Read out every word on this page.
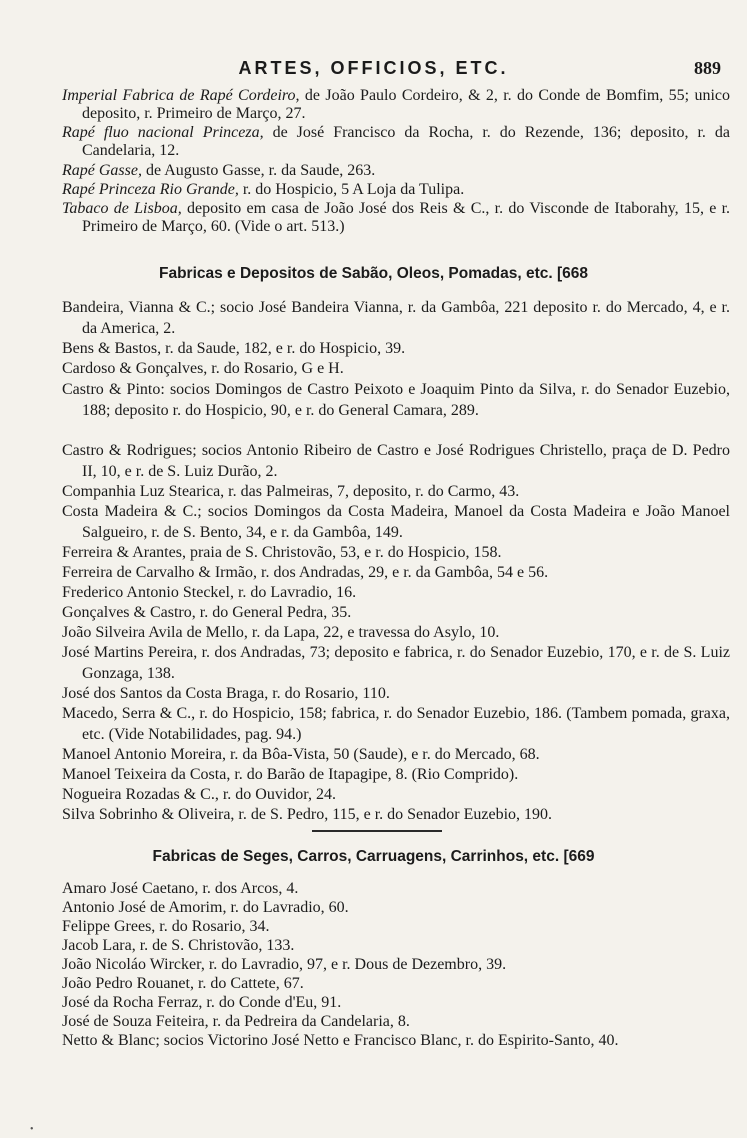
ARTES, OFFICIOS, ETC.	889
Imperial Fabrica de Rapé Cordeiro, de João Paulo Cordeiro, & 2, r. do Conde de Bomfim, 55; unico deposito, r. Primeiro de Março, 27.
Rapé fluo nacional Princeza, de José Francisco da Rocha, r. do Rezende, 136; deposito, r. da Candelaria, 12.
Rapé Gasse, de Augusto Gasse, r. da Saude, 263.
Rapé Princeza Rio Grande, r. do Hospicio, 5 A Loja da Tulipa.
Tabaco de Lisboa, deposito em casa de João José dos Reis & C., r. do Visconde de Itaborahy, 15, e r. Primeiro de Março, 60. (Vide o art. 513.)
Fabricas e Depositos de Sabão, Oleos, Pomadas, etc. [668
Bandeira, Vianna & C.; socio José Bandeira Vianna, r. da Gambôa, 221 deposito r. do Mercado, 4, e r. da America, 2.
Bens & Bastos, r. da Saude, 182, e r. do Hospicio, 39.
Cardoso & Gonçalves, r. do Rosario, G e H.
Castro & Pinto: socios Domingos de Castro Peixoto e Joaquim Pinto da Silva, r. do Senador Euzebio, 188; deposito r. do Hospicio, 90, e r. do General Camara, 289.
Castro & Rodrigues; socios Antonio Ribeiro de Castro e José Rodrigues Christello, praça de D. Pedro II, 10, e r. de S. Luiz Durão, 2.
Companhia Luz Stearica, r. das Palmeiras, 7, deposito, r. do Carmo, 43.
Costa Madeira & C.; socios Domingos da Costa Madeira, Manoel da Costa Madeira e João Manoel Salgueiro, r. de S. Bento, 34, e r. da Gambôa, 149.
Ferreira & Arantes, praia de S. Christovão, 53, e r. do Hospicio, 158.
Ferreira de Carvalho & Irmão, r. dos Andradas, 29, e r. da Gambôa, 54 e 56.
Frederico Antonio Steckel, r. do Lavradio, 16.
Gonçalves & Castro, r. do General Pedra, 35.
João Silveira Avila de Mello, r. da Lapa, 22, e travessa do Asylo, 10.
José Martins Pereira, r. dos Andradas, 73; deposito e fabrica, r. do Senador Euzebio, 170, e r. de S. Luiz Gonzaga, 138.
José dos Santos da Costa Braga, r. do Rosario, 110.
Macedo, Serra & C., r. do Hospicio, 158; fabrica, r. do Senador Euzebio, 186. (Tambem pomada, graxa, etc. (Vide Notabilidades, pag. 94.)
Manoel Antonio Moreira, r. da Bôa-Vista, 50 (Saude), e r. do Mercado, 68.
Manoel Teixeira da Costa, r. do Barão de Itapagipe, 8. (Rio Comprido).
Nogueira Rozadas & C., r. do Ouvidor, 24.
Silva Sobrinho & Oliveira, r. de S. Pedro, 115, e r. do Senador Euzebio, 190.
Fabricas de Seges, Carros, Carruagens, Carrinhos, etc. [669
Amaro José Caetano, r. dos Arcos, 4.
Antonio José de Amorim, r. do Lavradio, 60.
Felippe Grees, r. do Rosario, 34.
Jacob Lara, r. de S. Christovão, 133.
João Nicoláo Wircker, r. do Lavradio, 97, e r. Dous de Dezembro, 39.
João Pedro Rouanet, r. do Cattete, 67.
José da Rocha Ferraz, r. do Conde d'Eu, 91.
José de Souza Feiteira, r. da Pedreira da Candelaria, 8.
Netto & Blanc; socios Victorino José Netto e Francisco Blanc, r. do Espirito-Santo, 40.
•
